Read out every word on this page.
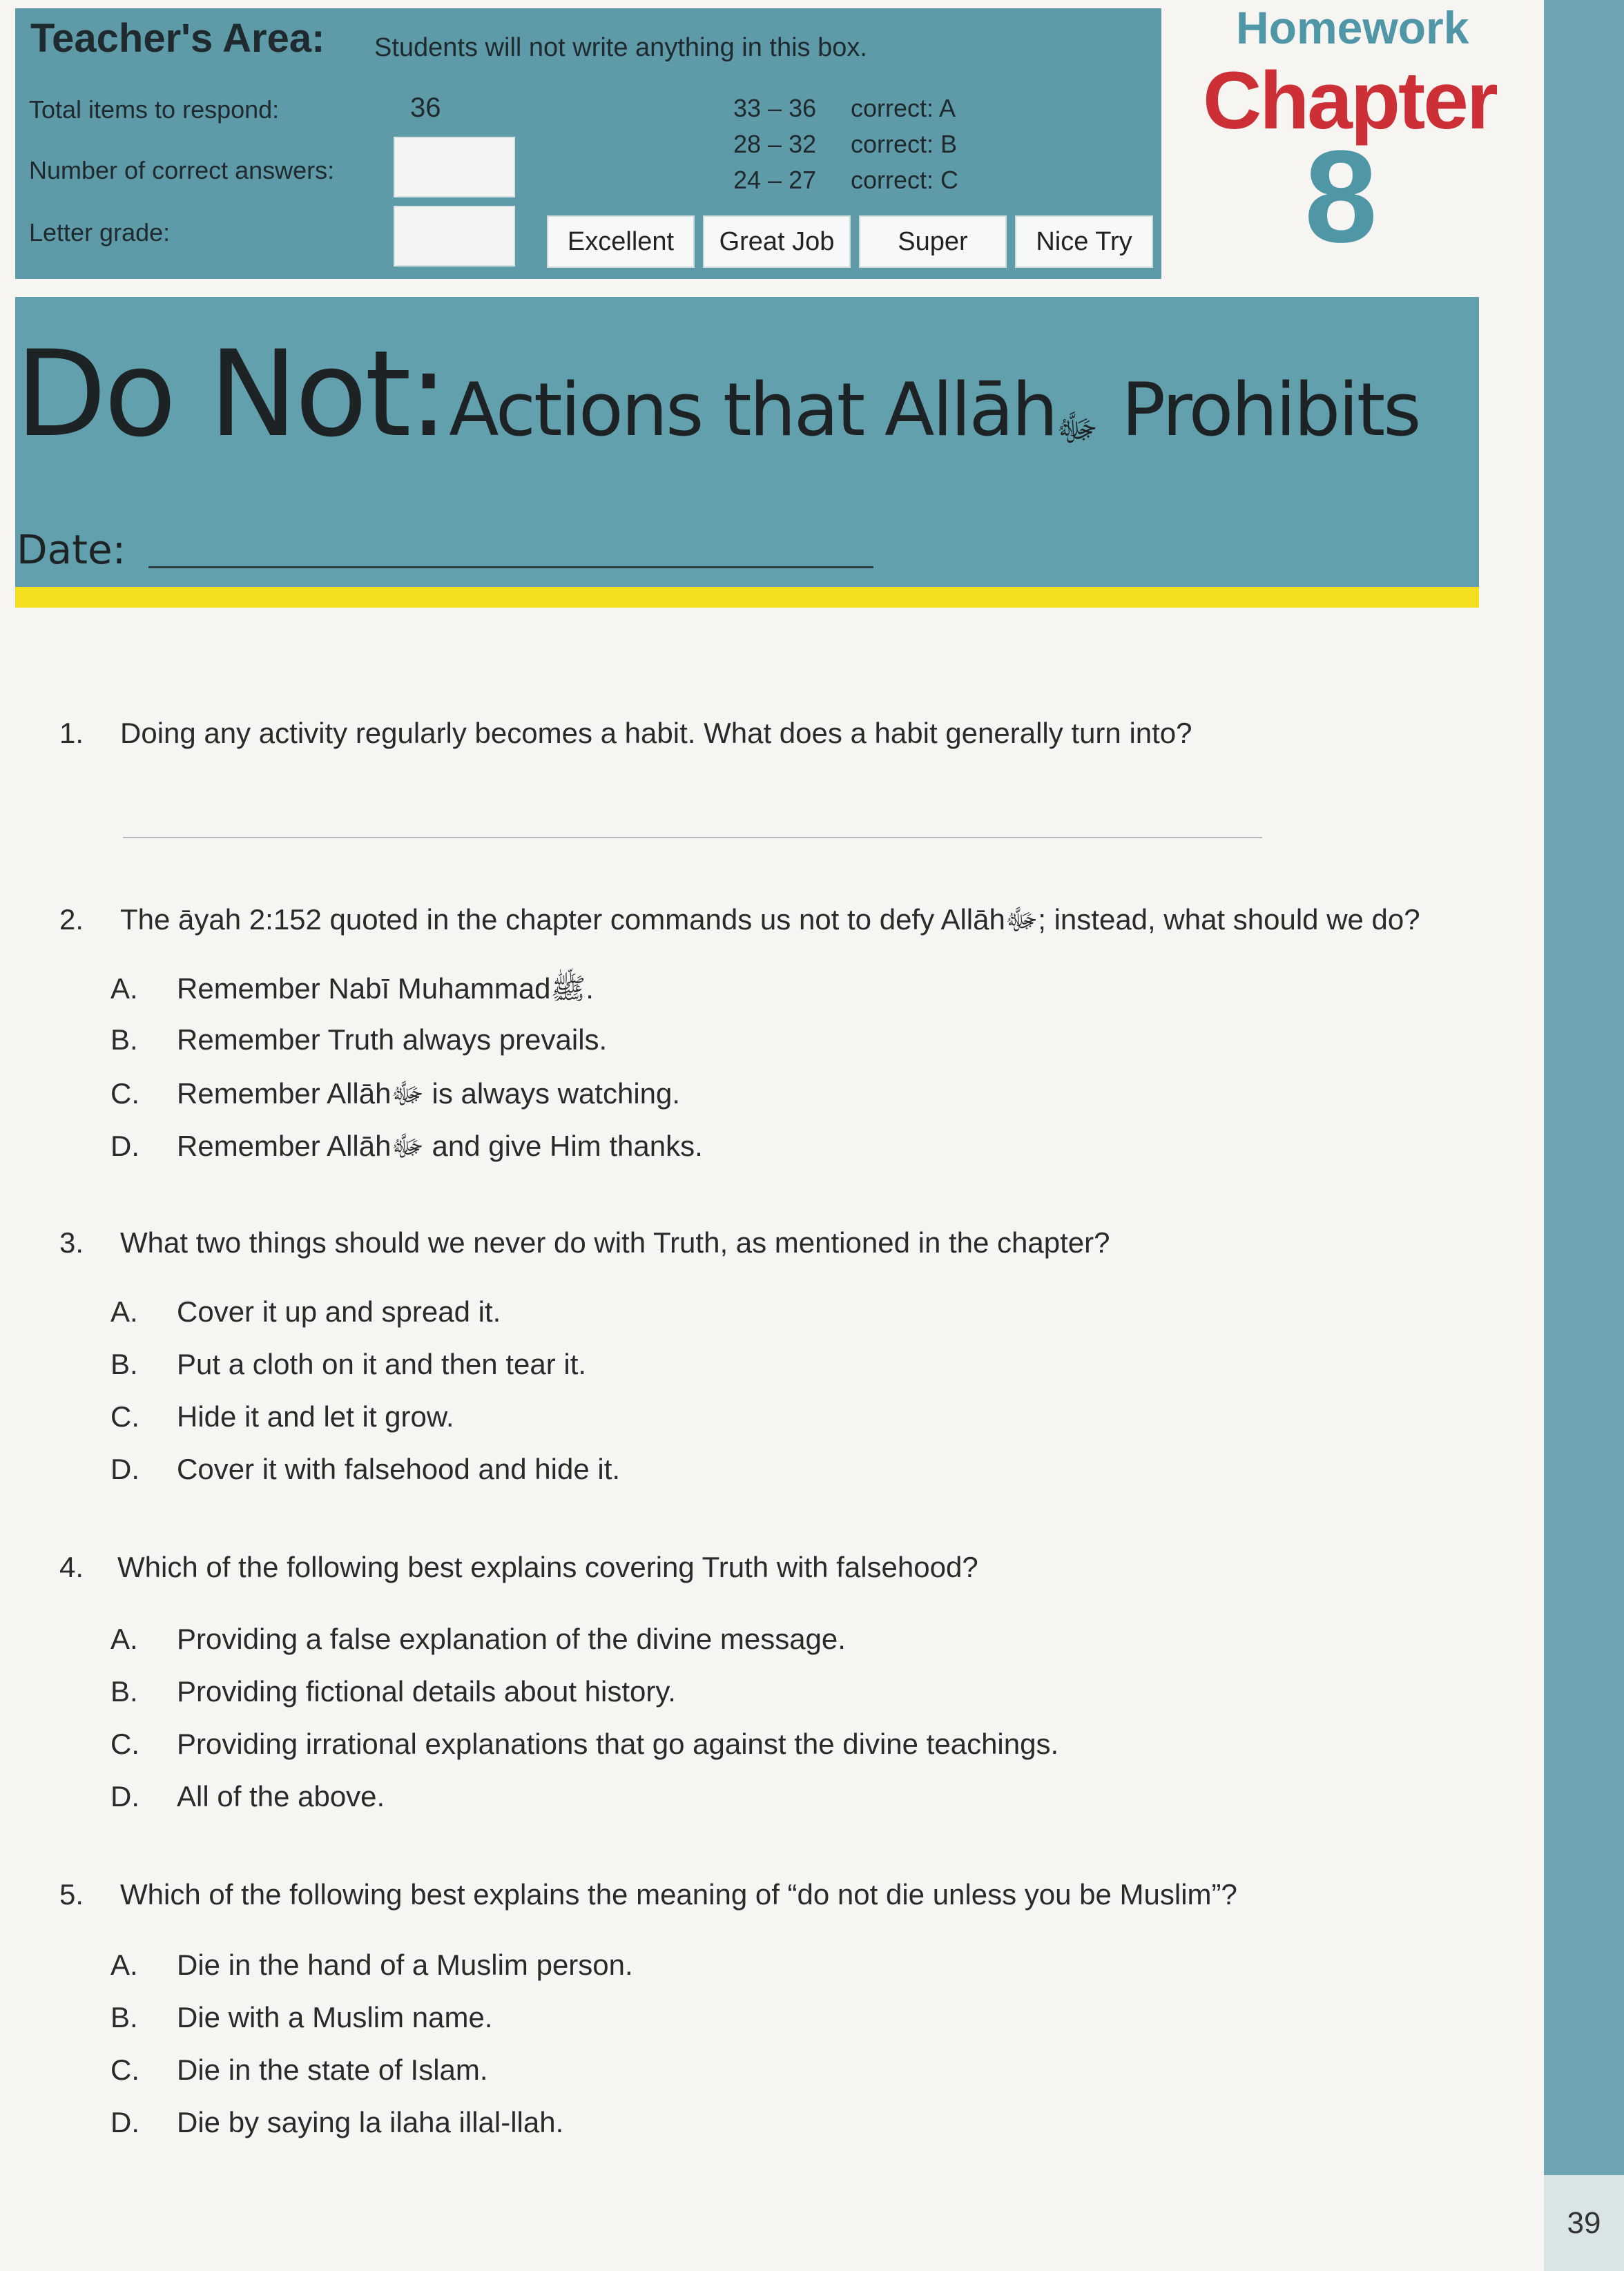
39
Teacher's Area: Students will not write anything in this box.
Total items to respond:	36
Number of correct answers:
Letter grade:
33 – 36 correct: A
28 – 32 correct: B
24 – 27 correct: C
Excellent	Great Job	Super	Nice Try
Homework
Chapter
8
Do Not: Actions that Allāhﷻ Prohibits
Date:
1. Doing any activity regularly becomes a habit. What does a habit generally turn into?
2. The āyah 2:152 quoted in the chapter commands us not to defy Allāhﷻ; instead, what should we do?
A. Remember Nabī Muhammadﷺ.
B. Remember Truth always prevails.
C. Remember Allāhﷻ is always watching.
D. Remember Allāhﷻ and give Him thanks.
3. What two things should we never do with Truth, as mentioned in the chapter?
A. Cover it up and spread it.
B. Put a cloth on it and then tear it.
C. Hide it and let it grow.
D. Cover it with falsehood and hide it.
4. Which of the following best explains covering Truth with falsehood?
A. Providing a false explanation of the divine message.
B. Providing fictional details about history.
C. Providing irrational explanations that go against the divine teachings.
D. All of the above.
5. Which of the following best explains the meaning of “do not die unless you be Muslim”?
A. Die in the hand of a Muslim person.
B. Die with a Muslim name.
C. Die in the state of Islam.
D. Die by saying la ilaha illal-llah.
